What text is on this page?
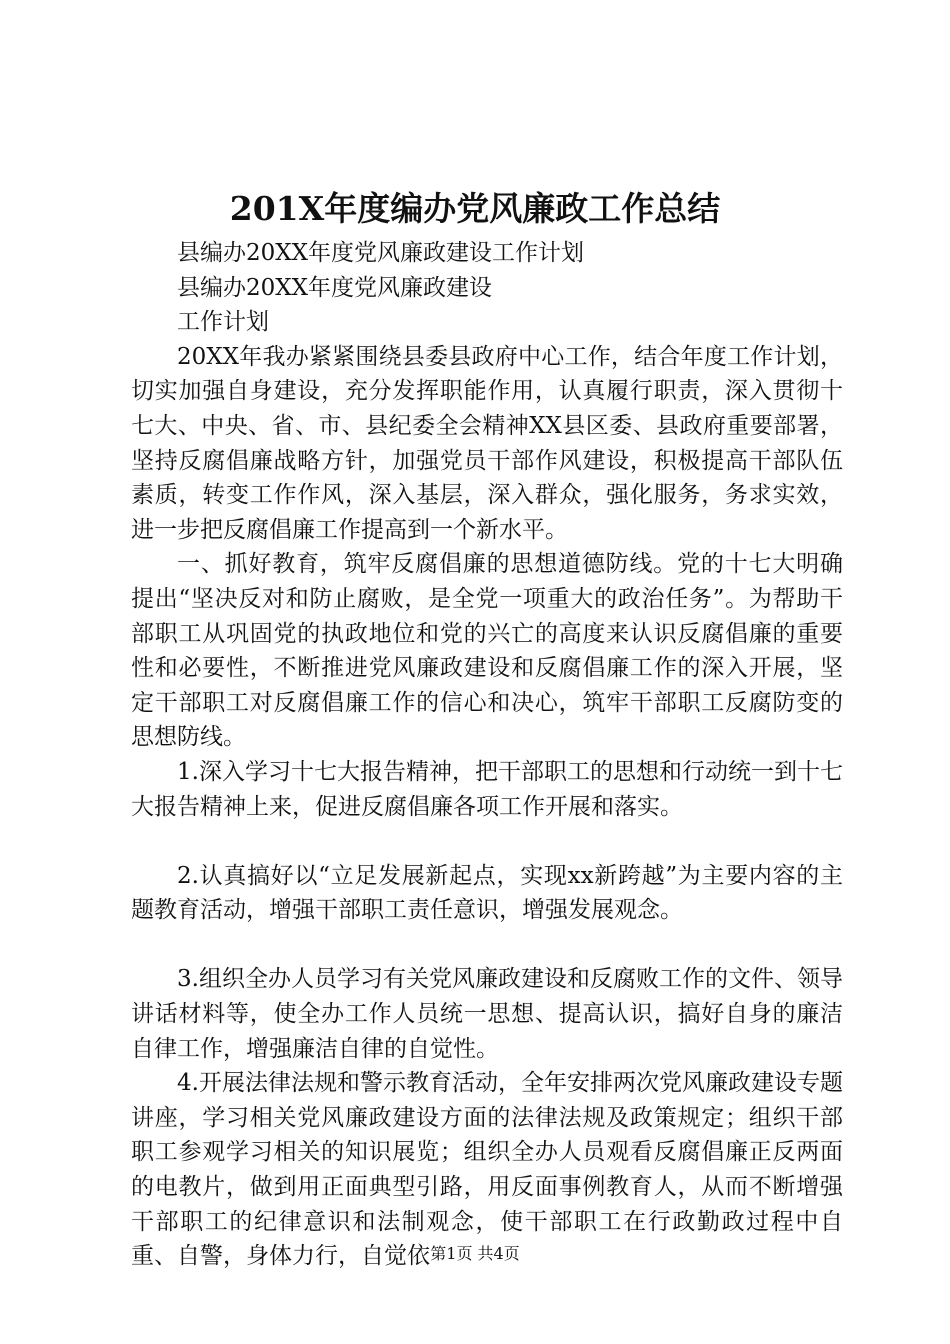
201X年度编办党风廉政工作总结

县编办20XX年度党风廉政建设工作计划

县编办20XX年度党风廉政建设

工作计划

20XX年我办紧紧围绕县委县政府中心工作，结合年度工作计划，切实加强自身建设，充分发挥职能作用，认真履行职责，深入贯彻十七大、中央、省、市、县纪委全会精神XX县区委、县政府重要部署，坚持反腐倡廉战略方针，加强党员干部作风建设，积极提高干部队伍素质，转变工作作风，深入基层，深入群众，强化服务，务求实效，进一步把反腐倡廉工作提高到一个新水平。

一、抓好教育，筑牢反腐倡廉的思想道德防线。党的十七大明确提出“坚决反对和防止腐败，是全党一项重大的政治任务”。为帮助干部职工从巩固党的执政地位和党的兴亡的高度来认识反腐倡廉的重要性和必要性，不断推进党风廉政建设和反腐倡廉工作的深入开展，坚定干部职工对反腐倡廉工作的信心和决心，筑牢干部职工反腐防变的思想防线。

1.深入学习十七大报告精神，把干部职工的思想和行动统一到十七大报告精神上来，促进反腐倡廉各项工作开展和落实。

2.认真搞好以“立足发展新起点，实现xx新跨越”为主要内容的主题教育活动，增强干部职工责任意识，增强发展观念。

3.组织全办人员学习有关党风廉政建设和反腐败工作的文件、领导讲话材料等，使全办工作人员统一思想、提高认识，搞好自身的廉洁自律工作，增强廉洁自律的自觉性。

4.开展法律法规和警示教育活动，全年安排两次党风廉政建设专题讲座，学习相关党风廉政建设方面的法律法规及政策规定；组织干部职工参观学习相关的知识展览；组织全办人员观看反腐倡廉正反两面的电教片，做到用正面典型引路，用反面事例教育人，从而不断增强干部职工的纪律意识和法制观念，使干部职工在行政勤政过程中自重、自警，身体力行，自觉依 第1页 共4页
